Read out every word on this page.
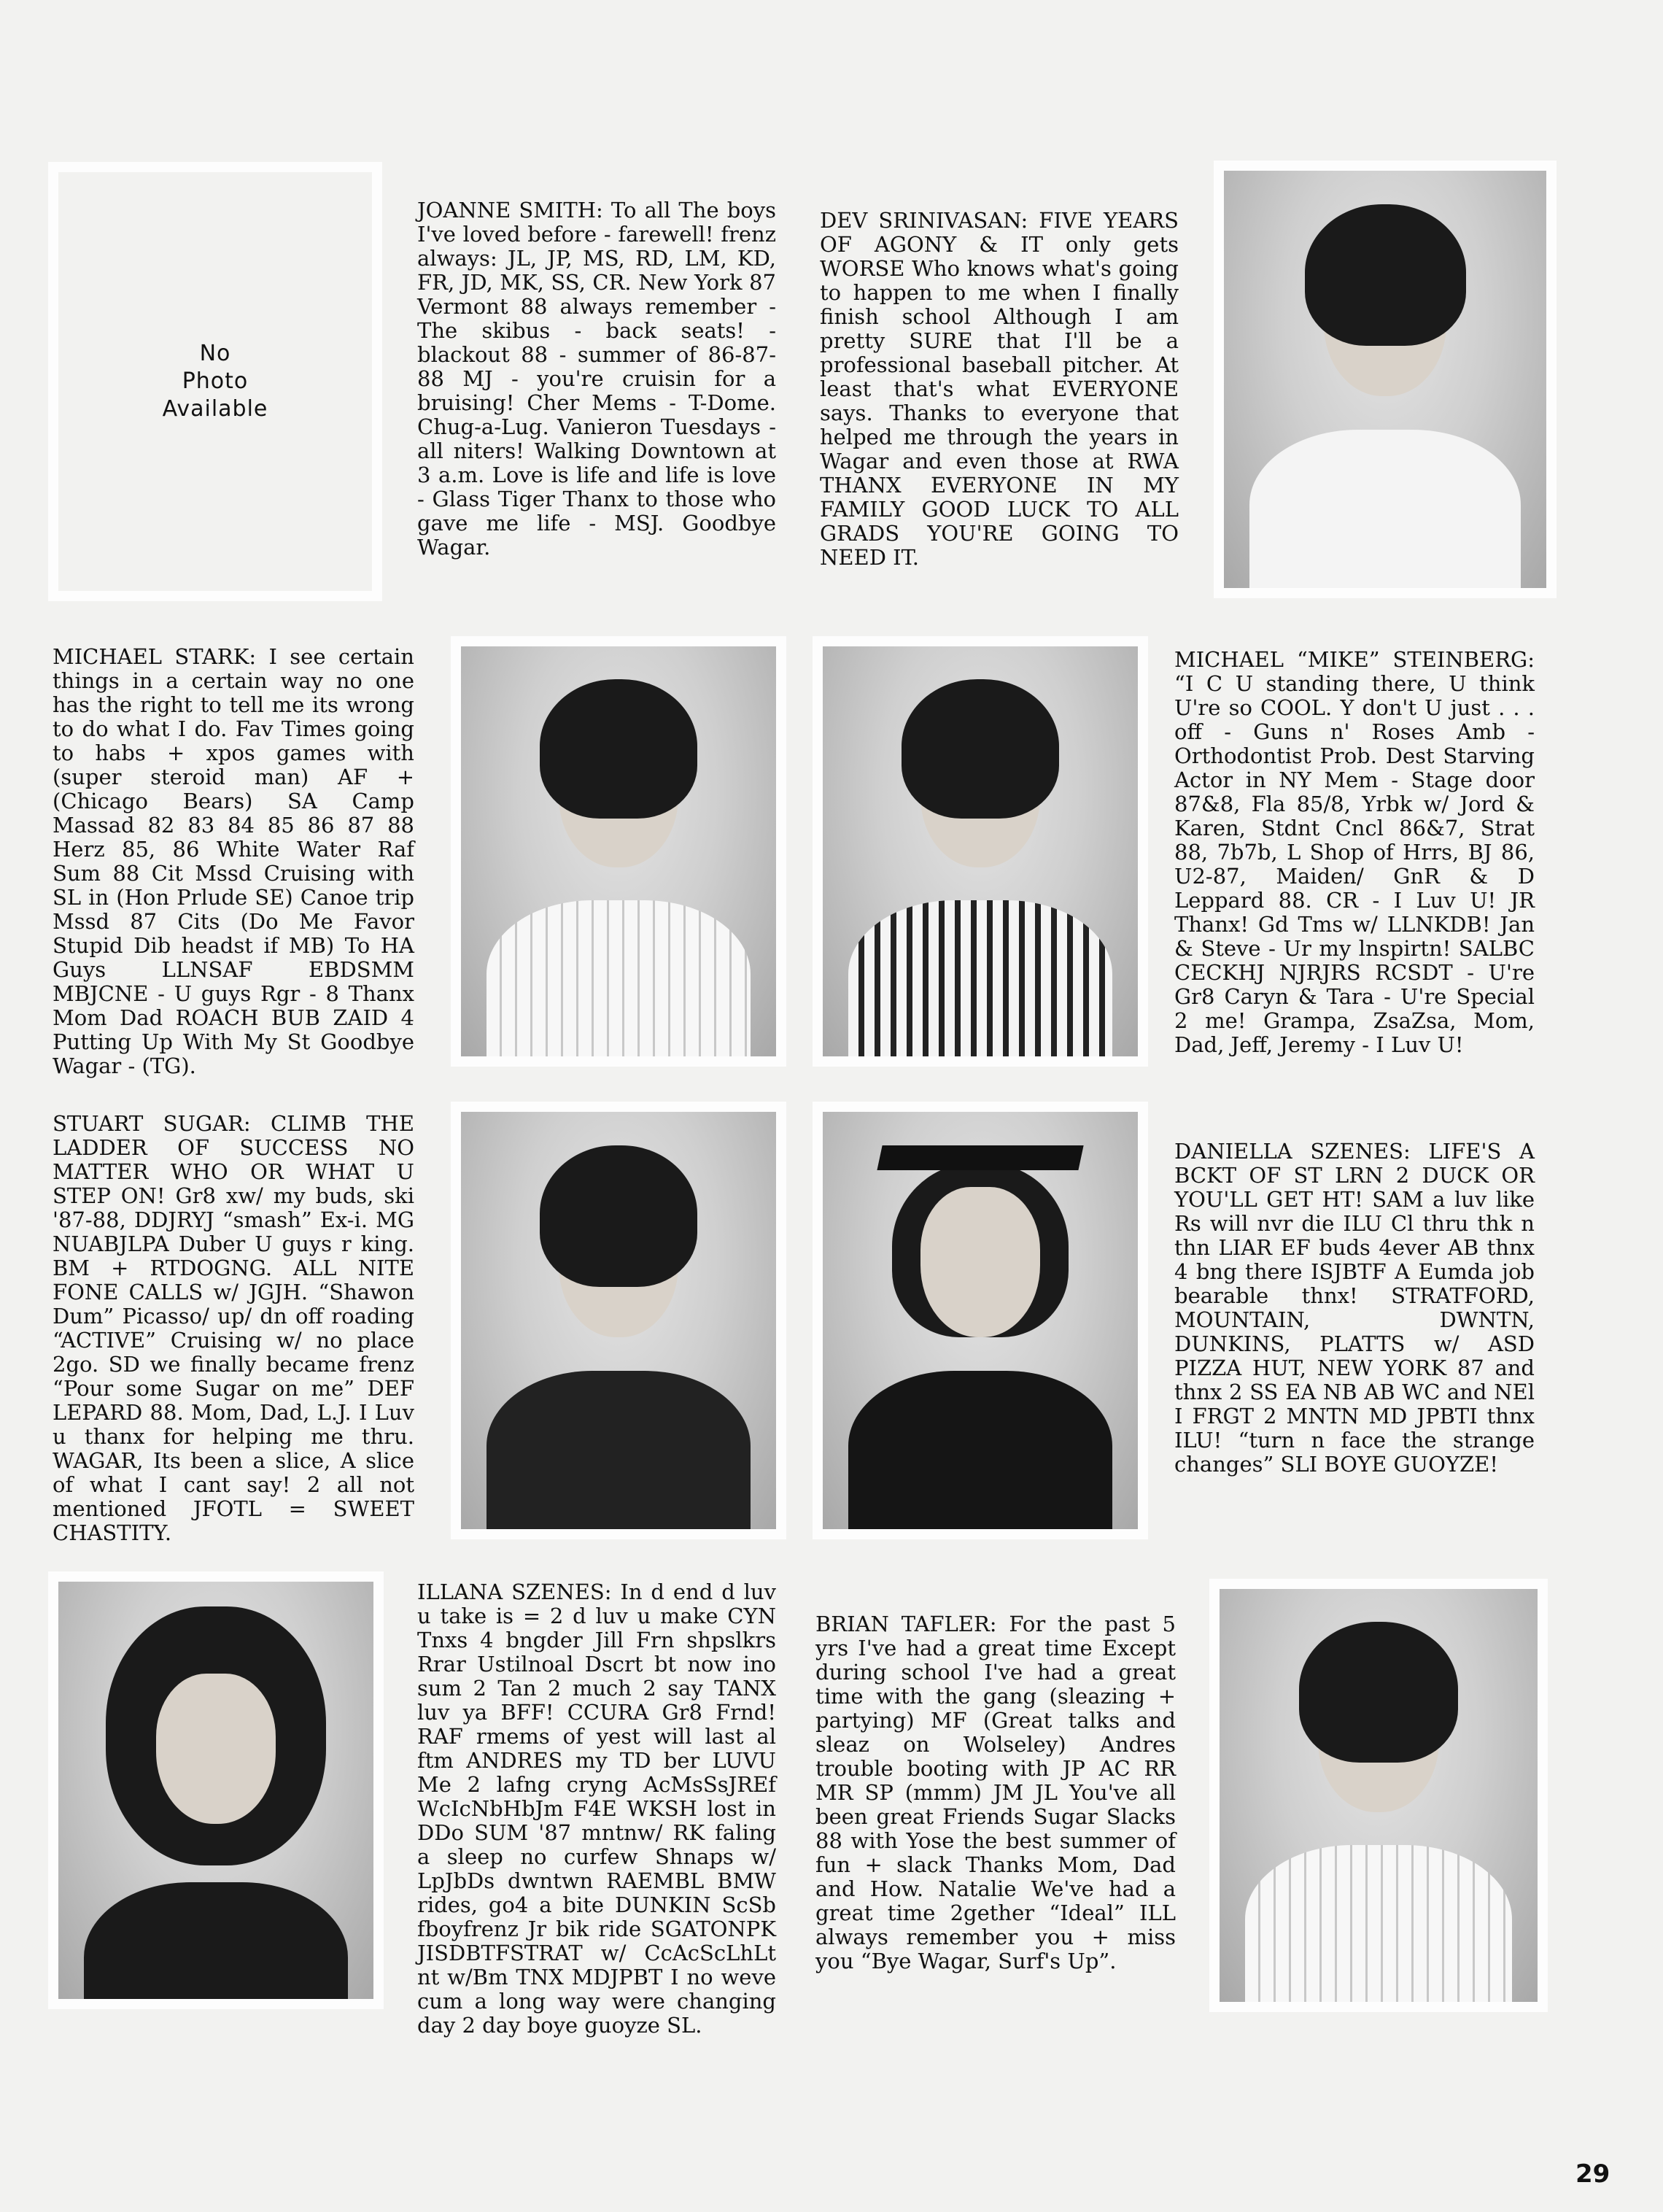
No
Photo
Available

JOANNE SMITH: To all The boys I've loved before - farewell! frenz always: JL, JP, MS, RD, LM, KD, FR, JD, MK, SS, CR. New York 87 Vermont 88 always remember - The skibus - back seats! - blackout 88 - summer of 86-87-88 MJ - you're cruisin for a bruising! Cher Mems - T-Dome. Chug-a-Lug. Vanieron Tuesdays - all niters! Walking Downtown at 3 a.m. Love is life and life is love - Glass Tiger Thanx to those who gave me life - MSJ. Goodbye Wagar.

DEV SRINIVASAN: FIVE YEARS OF AGONY & IT only gets WORSE Who knows what's going to happen to me when I finally finish school Although I am pretty SURE that I'll be a professional baseball pitcher. At least that's what EVERYONE says. Thanks to everyone that helped me through the years in Wagar and even those at RWA THANX EVERYONE IN MY FAMILY GOOD LUCK TO ALL GRADS YOU'RE GOING TO NEED IT.

MICHAEL STARK: I see certain things in a certain way no one has the right to tell me its wrong to do what I do. Fav Times going to habs + xpos games with (super steroid man) AF + (Chicago Bears) SA Camp Massad 82 83 84 85 86 87 88 Herz 85, 86 White Water Raf Sum 88 Cit Mssd Cruising with SL in (Hon Prlude SE) Canoe trip Mssd 87 Cits (Do Me Favor Stupid Dib headst if MB) To HA Guys LLNSAF EBDSMM MBJCNE - U guys Rgr - 8 Thanx Mom Dad ROACH BUB ZAID 4 Putting Up With My St Goodbye Wagar - (TG).

MICHAEL “MIKE” STEINBERG: “I C U standing there, U think U're so COOL. Y don't U just . . . off - Guns n' Roses Amb - Orthodontist Prob. Dest Starving Actor in NY Mem - Stage door 87&8, Fla 85/8, Yrbk w/ Jord & Karen, Stdnt Cncl 86&7, Strat 88, 7b7b, L Shop of Hrrs, BJ 86, U2-87, Maiden/ GnR & D Leppard 88. CR - I Luv U! JR Thanx! Gd Tms w/ LLNKDB! Jan & Steve - Ur my lnspirtn! SALBC CECKHJ NJRJRS RCSDT - U're Gr8 Caryn & Tara - U're Special 2 me! Grampa, ZsaZsa, Mom, Dad, Jeff, Jeremy - I Luv U!

STUART SUGAR: CLIMB THE LADDER OF SUCCESS NO MATTER WHO OR WHAT U STEP ON! Gr8 xw/ my buds, ski '87-88, DDJRYJ “smash” Ex-i. MG NUABJLPA Duber U guys r king. BM + RTDOGNG. ALL NITE FONE CALLS w/ JGJH. “Shawon Dum” Picasso/ up/ dn off roading “ACTIVE” Cruising w/ no place 2go. SD we finally became frenz “Pour some Sugar on me” DEF LEPARD 88. Mom, Dad, L.J. I Luv u thanx for helping me thru. WAGAR, Its been a slice, A slice of what I cant say! 2 all not mentioned JFOTL = SWEET CHASTITY.

DANIELLA SZENES: LIFE'S A BCKT OF ST LRN 2 DUCK OR YOU'LL GET HT! SAM a luv like Rs will nvr die ILU Cl thru thk n thn LIAR EF buds 4ever AB thnx 4 bng there ISJBTF A Eumda job bearable thnx! STRATFORD, MOUNTAIN, DWNTN, DUNKINS, PLATTS w/ ASD PIZZA HUT, NEW YORK 87 and thnx 2 SS EA NB AB WC and NEl I FRGT 2 MNTN MD JPBTI thnx ILU! “turn n face the strange changes” SLI BOYE GUOYZE!

ILLANA SZENES: In d end d luv u take is = 2 d luv u make CYN Tnxs 4 bngder Jill Frn shpslkrs Rrar Ustilnoal Dscrt bt now ino sum 2 Tan 2 much 2 say TANX luv ya BFF! CCURA Gr8 Frnd! RAF rmems of yest will last al ftm ANDRES my TD ber LUVU Me 2 lafng cryng AcMsSsJREf WcIcNbHbJm F4E WKSH lost in DDo SUM '87 mntnw/ RK faling a sleep no curfew Shnaps w/ LpJbDs dwntwn RAEMBL BMW rides, go4 a bite DUNKIN ScSb fboyfrenz Jr bik ride SGATONPK JISDBTFSTRAT w/ CcAcScLhLt nt w/Bm TNX MDJPBT I no weve cum a long way were changing day 2 day boye guoyze SL.

BRIAN TAFLER: For the past 5 yrs I've had a great time Except during school I've had a great time with the gang (sleazing + partying) MF (Great talks and sleaz on Wolseley) Andres trouble booting with JP AC RR MR SP (mmm) JM JL You've all been great Friends Sugar Slacks 88 with Yose the best summer of fun + slack Thanks Mom, Dad and How. Natalie We've had a great time 2gether “Ideal” ILL always remember you + miss you “Bye Wagar, Surf's Up”.

29
